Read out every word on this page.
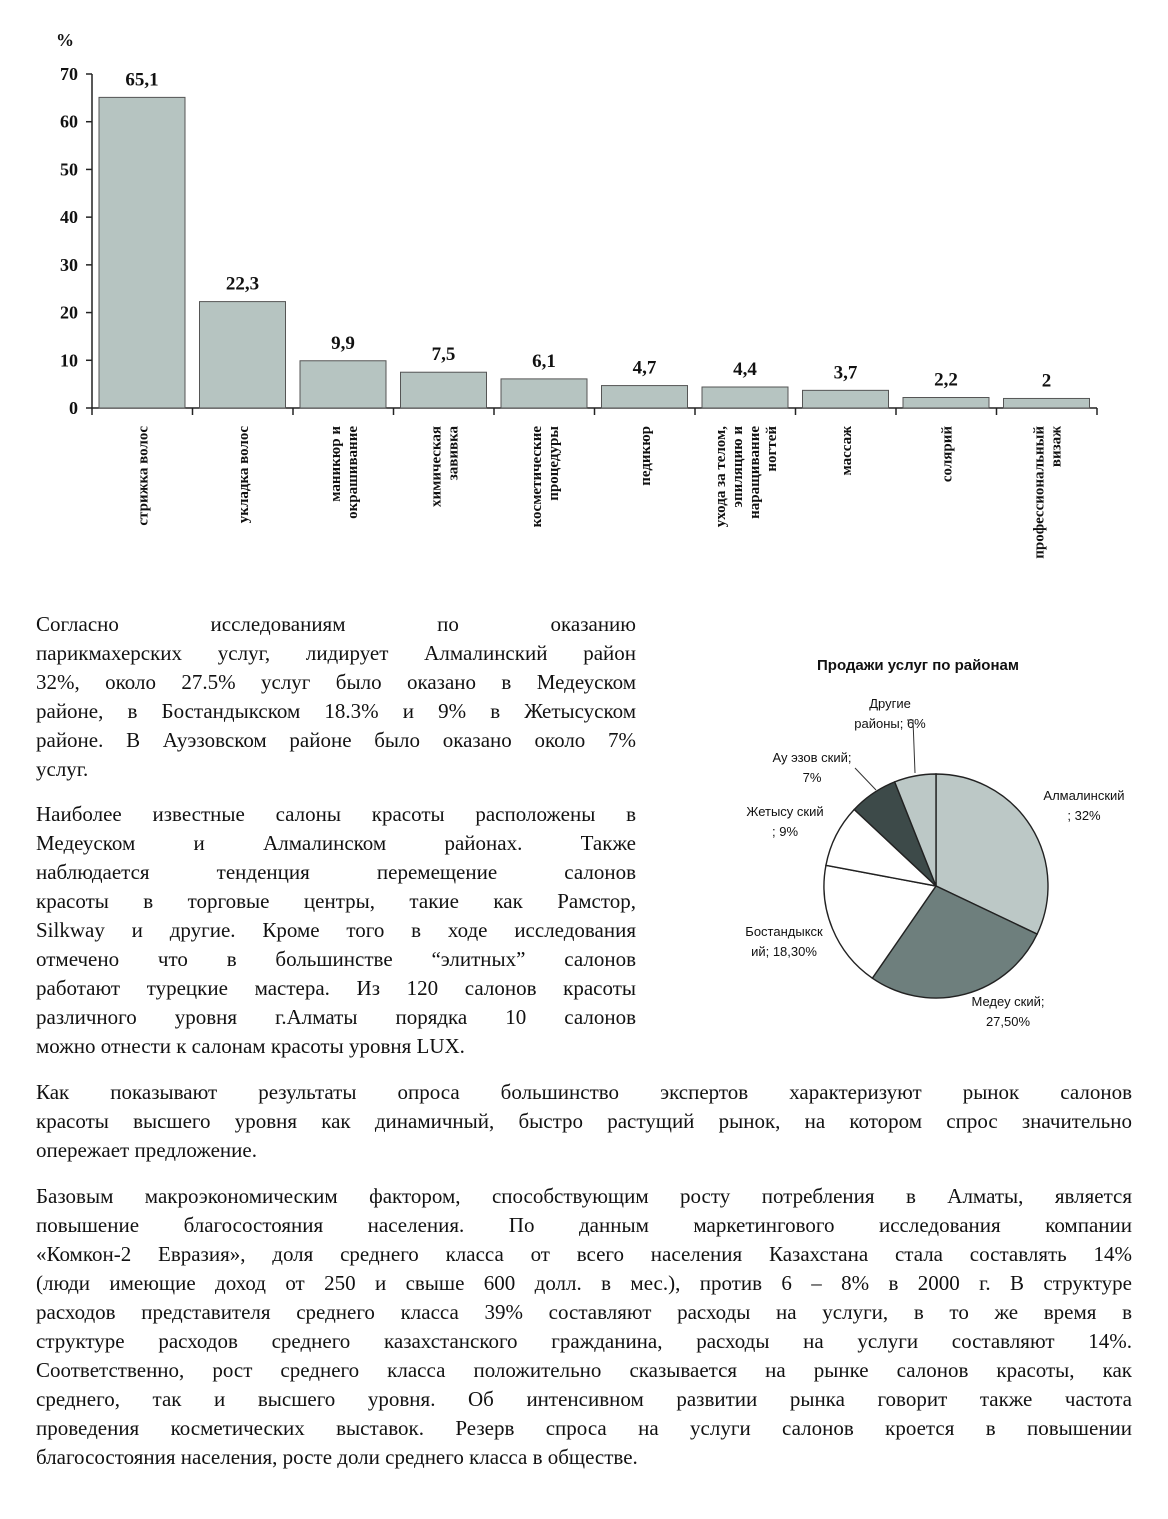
%
0
10
20
30
40
50
60
70 65,1
стрижка волос
22,3
укладка волос
9,9
маникюр и окрашивание
7,5
химическая завивка
6,1
косметические процедуры
4,7
педикюр
4,4
ухода за телом, эпиляцию и наращивание ногтей
3,7
массаж
2,2
солярий
2
профессиональный визаж
Согласно исследованиям по оказанию
парикмахерских услуг, лидирует Алмалинский район
32%, около 27.5% услуг было оказано в Медеуском
районе, в Бостандыкском 18.3% и 9% в Жетысуском
районе. В Ауэзовском районе было оказано около 7%
услуг.
Наиболее известные салоны красоты расположены в
Медеуском и Алмалинском районах. Также
наблюдается тенденция перемещение салонов
красоты в торговые центры, такие как Рамстор,
Silkway и другие. Кроме того в ходе исследования
отмечено что в большинстве “элитных” салонов
работают турецкие мастера. Из 120 салонов красоты
различного уровня г.Алматы порядка 10 салонов
можно отнести к салонам красоты уровня LUX.
Продажи услуг по районам
Алмалинский
; 32%
Медеу ский;
27,50%
Бостандыкск
ий; 18,30%
Жетысу ский
; 9%
Ау эзов ский;
7%
Другие
районы; 6%
Как показывают результаты опроса большинство экспертов характеризуют рынок салонов
красоты высшего уровня как динамичный, быстро растущий рынок, на котором спрос значительно
опережает предложение.
Базовым макроэкономическим фактором, способствующим росту потребления в Алматы, является
повышение благосостояния населения. По данным маркетингового исследования компании
«Комкон-2 Евразия», доля среднего класса от всего населения Казахстана стала составлять 14%
(люди имеющие доход от 250 и свыше 600 долл. в мес.), против 6 – 8% в 2000 г. В структуре
расходов представителя среднего класса 39% составляют расходы на услуги, в то же время в
структуре расходов среднего казахстанского гражданина, расходы на услуги составляют 14%.
Соответственно, рост среднего класса положительно сказывается на рынке салонов красоты, как
среднего, так и высшего уровня. Об интенсивном развитии рынка говорит также частота
проведения косметических выставок. Резерв спроса на услуги салонов кроется в повышении
благосостояния населения, росте доли среднего класса в обществе.
